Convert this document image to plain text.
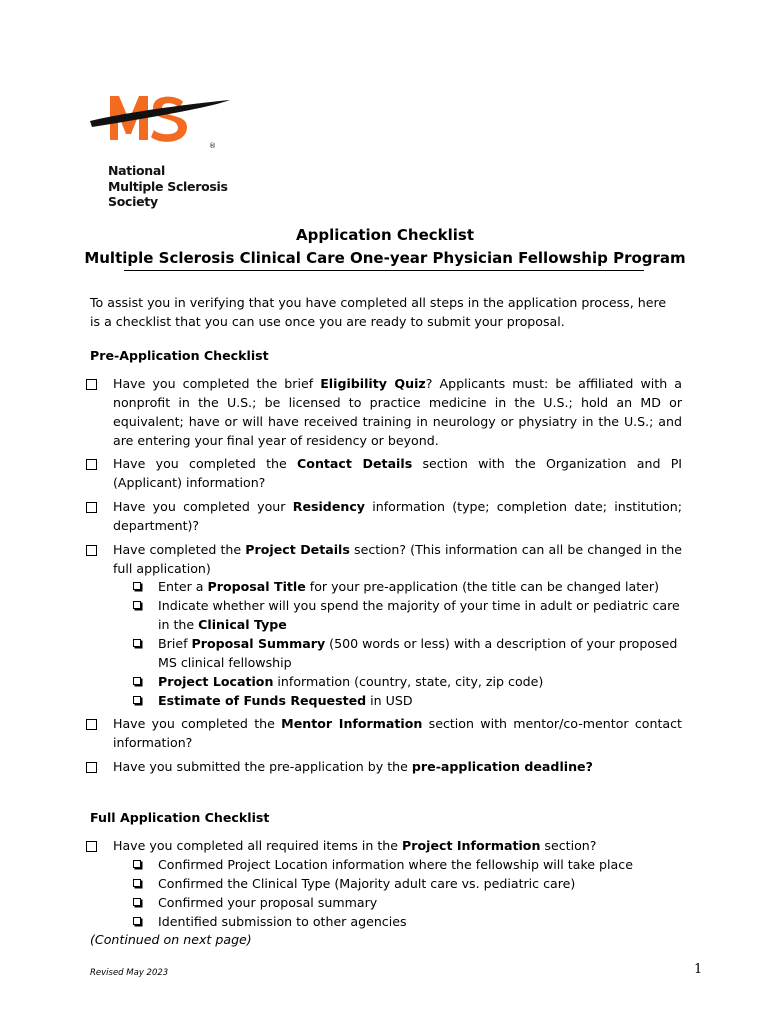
®
National
Multiple Sclerosis
Society
Application Checklist
Multiple Sclerosis Clinical Care One-year Physician Fellowship Program
To assist you in verifying that you have completed all steps in the application process, here is a checklist that you can use once you are ready to submit your proposal.
Pre-Application Checklist
Have you completed the brief Eligibility Quiz? Applicants must: be affiliated with a nonprofit in the U.S.; be licensed to practice medicine in the U.S.; hold an MD or equivalent; have or will have received training in neurology or physiatry in the U.S.; and are entering your final year of residency or beyond.
Have you completed the Contact Details section with the Organization and PI (Applicant) information?
Have you completed your Residency information (type; completion date; institution; department)?
Have completed the Project Details section? (This information can all be changed in the full application)
Enter a Proposal Title for your pre-application (the title can be changed later)
Indicate whether will you spend the majority of your time in adult or pediatric care in the Clinical Type
Brief Proposal Summary (500 words or less) with a description of your proposed MS clinical fellowship
Project Location information (country, state, city, zip code)
Estimate of Funds Requested in USD
Have you completed the Mentor Information section with mentor/co-mentor contact information?
Have you submitted the pre-application by the pre-application deadline?
Full Application Checklist
Have you completed all required items in the Project Information section?
Confirmed Project Location information where the fellowship will take place
Confirmed the Clinical Type (Majority adult care vs. pediatric care)
Confirmed your proposal summary
Identified submission to other agencies
(Continued on next page)
Revised May 2023	1
